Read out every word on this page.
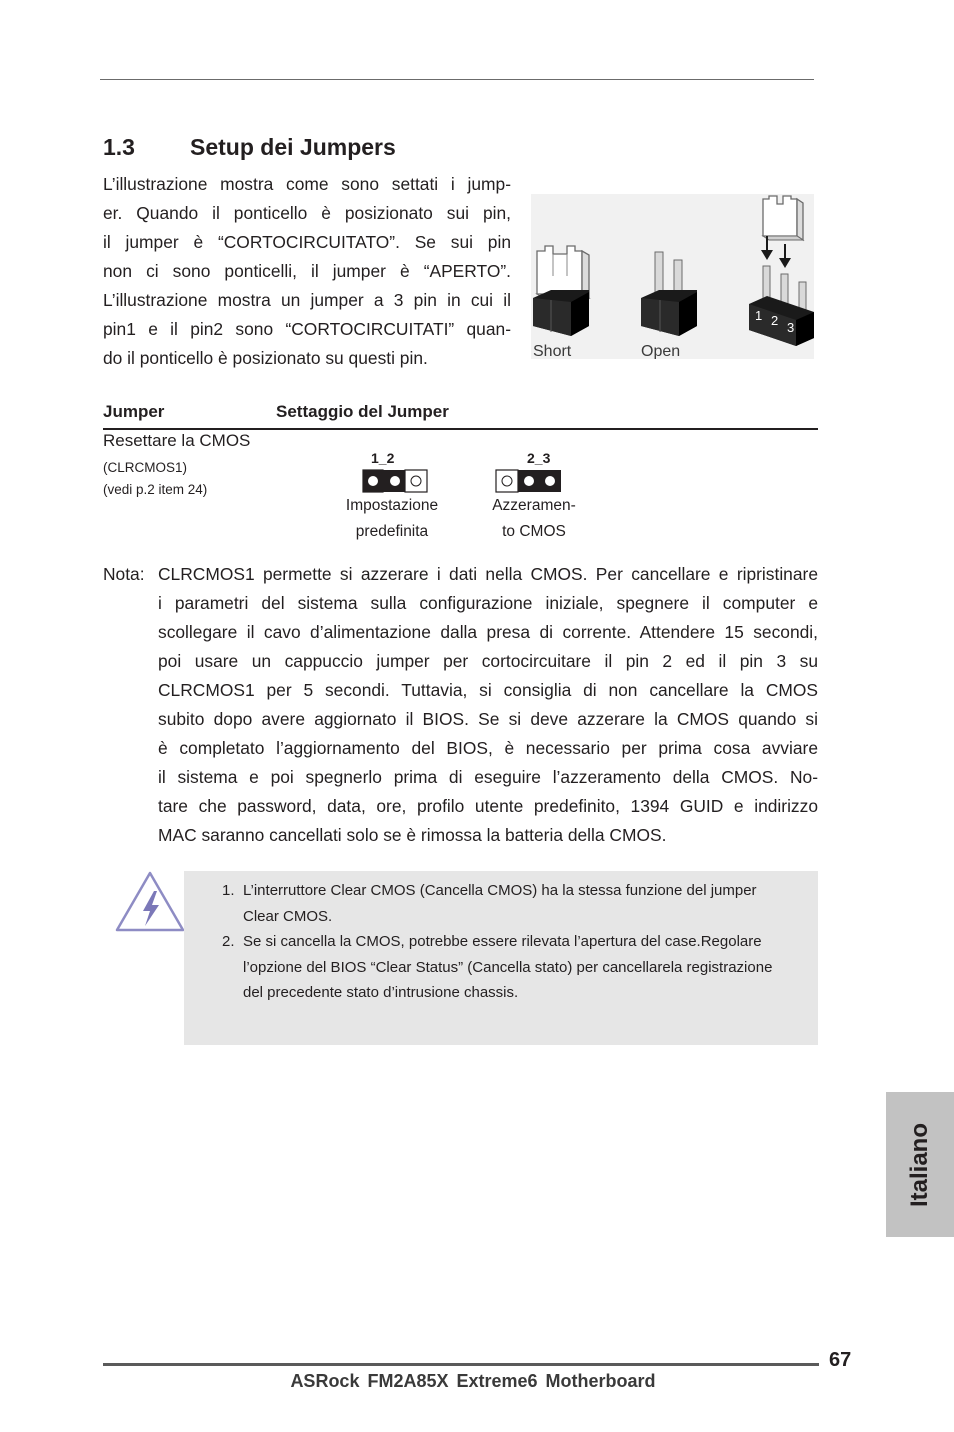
1.3 Setup dei Jumpers
L’illustrazione mostra come sono settati i jump-
er. Quando il ponticello è posizionato sui pin,
il jumper è “CORTOCIRCUITATO”. Se sui pin
non ci sono ponticelli, il jumper è “APERTO”.
L’illustrazione mostra un jumper a 3 pin in cui il
pin1 e il pin2 sono “CORTOCIRCUITATI” quan-
do il ponticello è posizionato su questi pin.
1 2 3
Short	Open
Jumper	Settaggio del Jumper
Resettare la CMOS
(CLRCMOS1)
(vedi p.2 item 24)
1_2
Impostazione
predefinita
2_3
Azzeramen-
to CMOS
Nota: CLRCMOS1 permette si azzerare i dati nella CMOS. Per cancellare e ripristinare
i parametri del sistema sulla configurazione iniziale, spegnere il computer e
scollegare il cavo d’alimentazione dalla presa di corrente. Attendere 15 secondi,
poi usare un cappuccio jumper per cortocircuitare il pin 2 ed il pin 3 su
CLRCMOS1 per 5 secondi. Tuttavia, si consiglia di non cancellare la CMOS
subito dopo avere aggiornato il BIOS. Se si deve azzerare la CMOS quando si
è completato l’aggiornamento del BIOS, è necessario per prima cosa avviare
il sistema e poi spegnerlo prima di eseguire l’azzeramento della CMOS. No-
tare che password, data, ore, profilo utente predefinito, 1394 GUID e indirizzo
MAC saranno cancellati solo se è rimossa la batteria della CMOS.
1. L’interruttore Clear CMOS (Cancella CMOS) ha la stessa funzione del jumper Clear CMOS.
2. Se si cancella la CMOS, potrebbe essere rilevata l’apertura del case.Regolare l’opzione del BIOS “Clear Status” (Cancella stato) per cancellarela registrazione del precedente stato d’intrusione chassis.
Italiano
67
ASRock FM2A85X Extreme6 Motherboard
